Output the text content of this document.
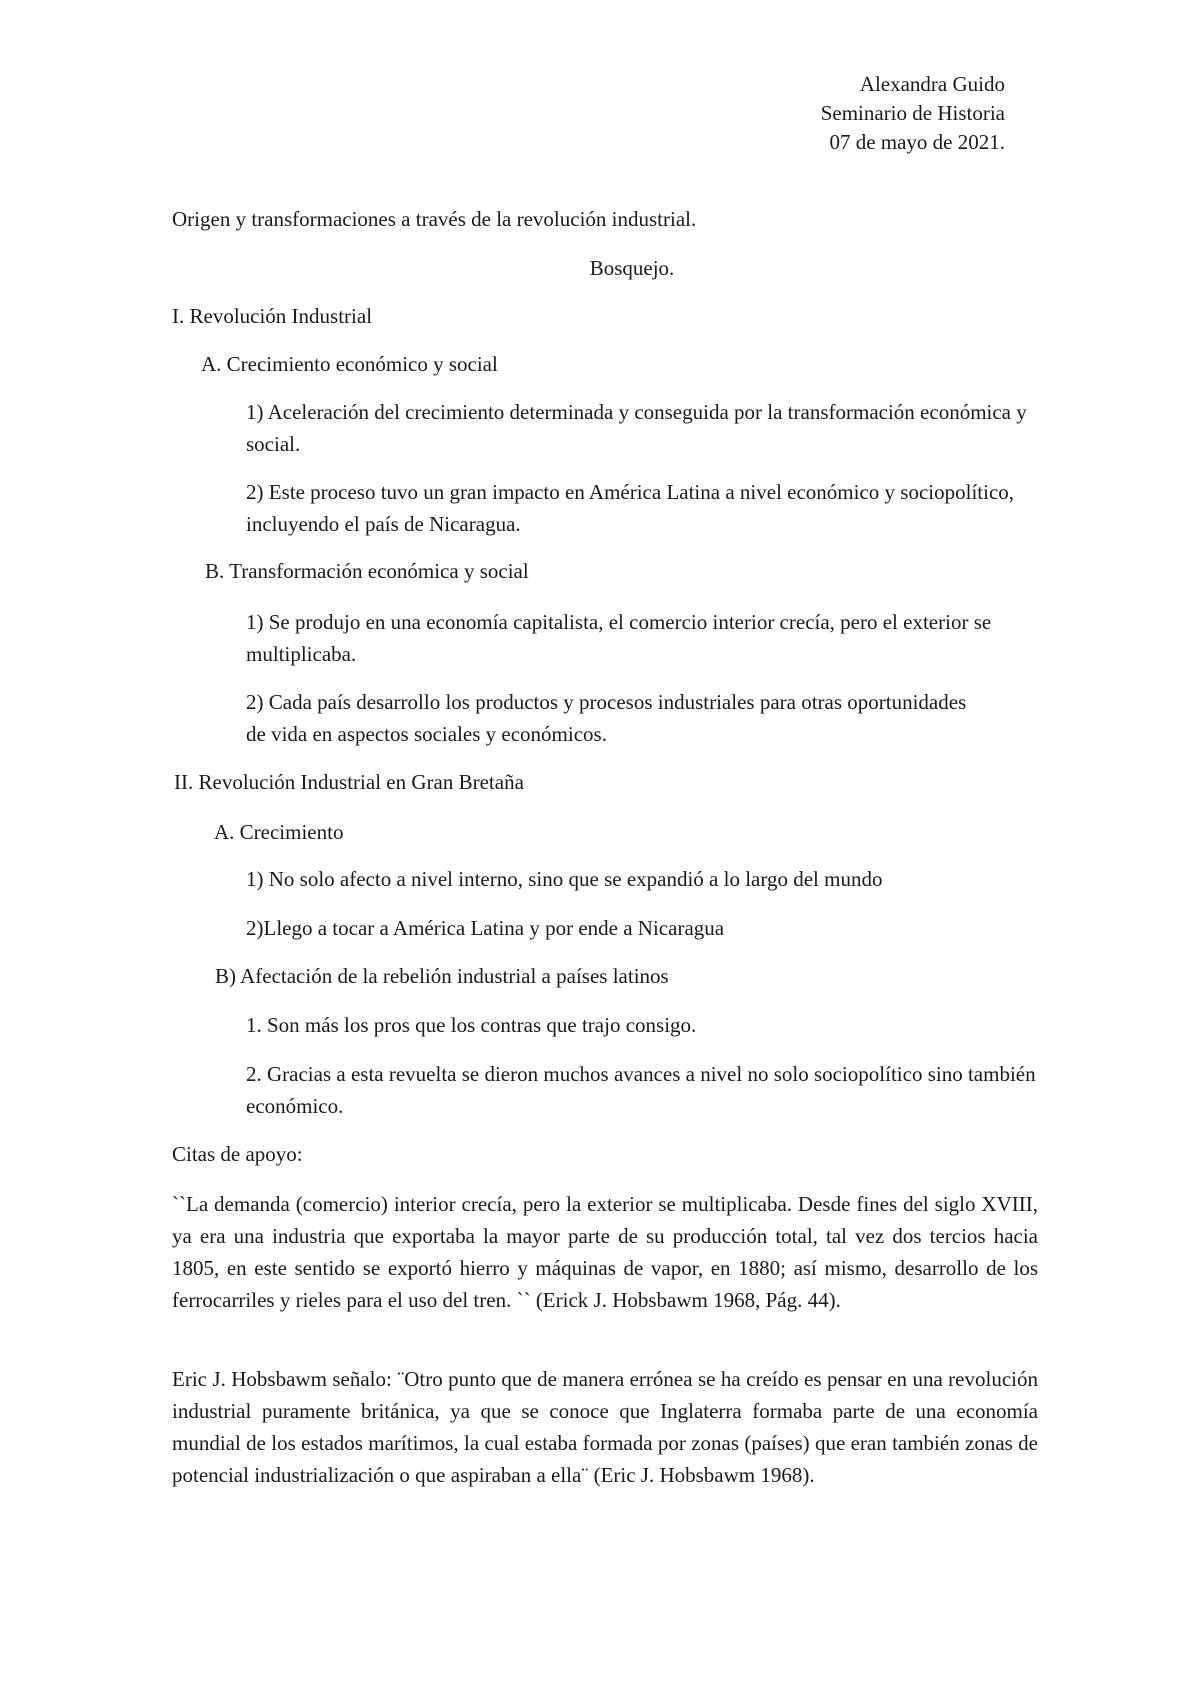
Alexandra Guido
Seminario de Historia
07 de mayo de 2021.
Origen y transformaciones a través de la revolución industrial.
Bosquejo.
I. Revolución Industrial
A. Crecimiento económico y social
1) Aceleración del crecimiento determinada y conseguida por la transformación económica y social.
2) Este proceso tuvo un gran impacto en América Latina a nivel económico y sociopolítico, incluyendo el país de Nicaragua.
B. Transformación económica y social
1) Se produjo en una economía capitalista, el comercio interior crecía, pero el exterior se multiplicaba.
2) Cada país desarrollo los productos y procesos industriales para otras oportunidades de vida en aspectos sociales y económicos.
II. Revolución Industrial en Gran Bretaña
A. Crecimiento
1) No solo afecto a nivel interno, sino que se expandió a lo largo del mundo
2)Llego a tocar a América Latina y por ende a Nicaragua
B) Afectación de la rebelión industrial a países latinos
1. Son más los pros que los contras que trajo consigo.
2. Gracias a esta revuelta se dieron muchos avances a nivel no solo sociopolítico sino también económico.
Citas de apoyo:
``La demanda (comercio) interior crecía, pero la exterior se multiplicaba. Desde fines del siglo XVIII, ya era una industria que exportaba la mayor parte de su producción total, tal vez dos tercios hacia 1805, en este sentido se exportó hierro y máquinas de vapor, en 1880; así mismo, desarrollo de los ferrocarriles y rieles para el uso del tren. `` (Erick J. Hobsbawm 1968, Pág. 44).
Eric J. Hobsbawm señalo: ¨Otro punto que de manera errónea se ha creído es pensar en una revolución industrial puramente británica, ya que se conoce que Inglaterra formaba parte de una economía mundial de los estados marítimos, la cual estaba formada por zonas (países) que eran también zonas de potencial industrialización o que aspiraban a ella¨ (Eric J. Hobsbawm 1968).
